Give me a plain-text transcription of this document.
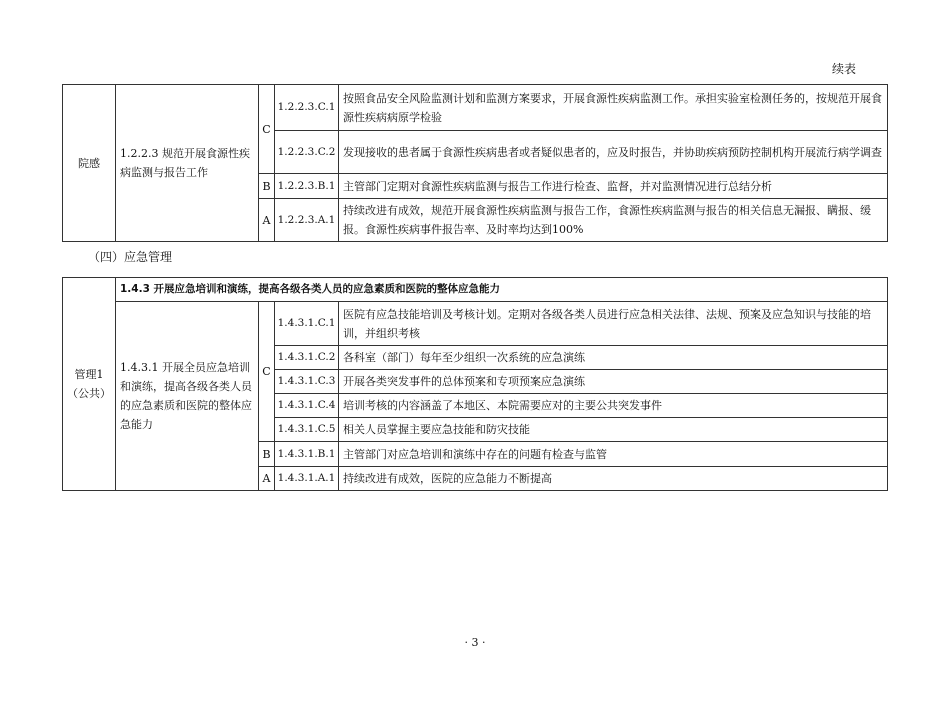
续表
院感	1.2.2.3 规范开展食源性疾病监测与报告工作	C	1.2.2.3.C.1	按照食品安全风险监测计划和监测方案要求，开展食源性疾病监测工作。承担实验室检测任务的，按规范开展食源性疾病病原学检验
			1.2.2.3.C.2	发现接收的患者属于食源性疾病患者或者疑似患者的，应及时报告，并协助疾病预防控制机构开展流行病学调查
		B	1.2.2.3.B.1	主管部门定期对食源性疾病监测与报告工作进行检查、监督，并对监测情况进行总结分析
		A	1.2.2.3.A.1	持续改进有成效，规范开展食源性疾病监测与报告工作，食源性疾病监测与报告的相关信息无漏报、瞒报、缓报。食源性疾病事件报告率、及时率均达到100%
（四）应急管理
管理1（公共）	1.4.3 开展应急培训和演练，提高各级各类人员的应急素质和医院的整体应急能力			
	1.4.3.1 开展全员应急培训和演练，提高各级各类人员的应急素质和医院的整体应急能力	C	1.4.3.1.C.1	医院有应急技能培训及考核计划。定期对各级各类人员进行应急相关法律、法规、预案及应急知识与技能的培训，并组织考核
			1.4.3.1.C.2	各科室（部门）每年至少组织一次系统的应急演练
			1.4.3.1.C.3	开展各类突发事件的总体预案和专项预案应急演练
			1.4.3.1.C.4	培训考核的内容涵盖了本地区、本院需要应对的主要公共突发事件
			1.4.3.1.C.5	相关人员掌握主要应急技能和防灾技能
		B	1.4.3.1.B.1	主管部门对应急培训和演练中存在的问题有检查与监管
		A	1.4.3.1.A.1	持续改进有成效，医院的应急能力不断提高
· 3 ·
